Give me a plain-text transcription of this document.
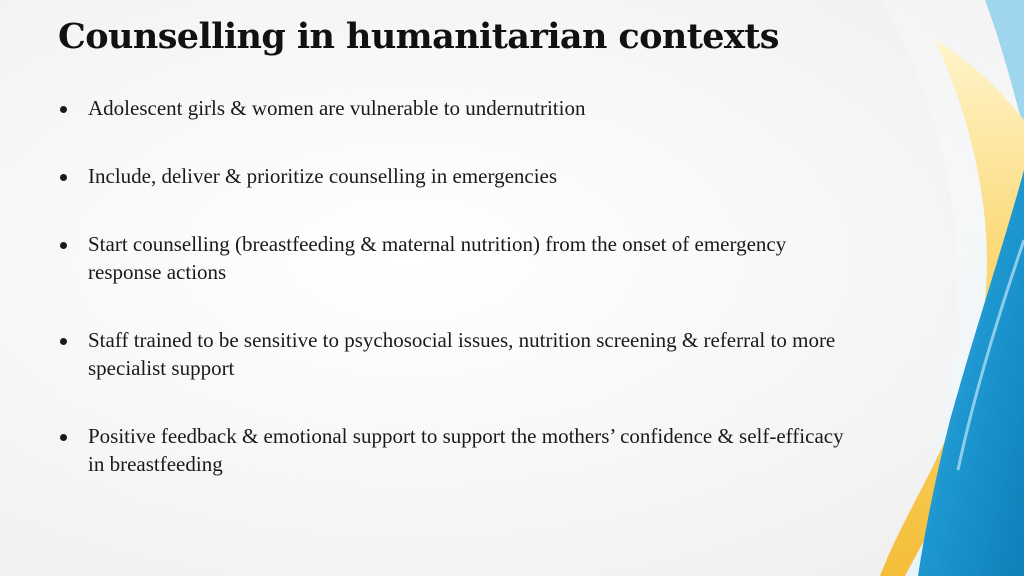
Counselling in humanitarian contexts
Adolescent girls & women are vulnerable to undernutrition
Include, deliver & prioritize counselling in emergencies
Start counselling (breastfeeding & maternal nutrition) from the onset of emergency response actions
Staff trained to be sensitive to psychosocial issues, nutrition screening & referral to more specialist support
Positive feedback & emotional support to support the mothers’ confidence & self-efficacy in breastfeeding
